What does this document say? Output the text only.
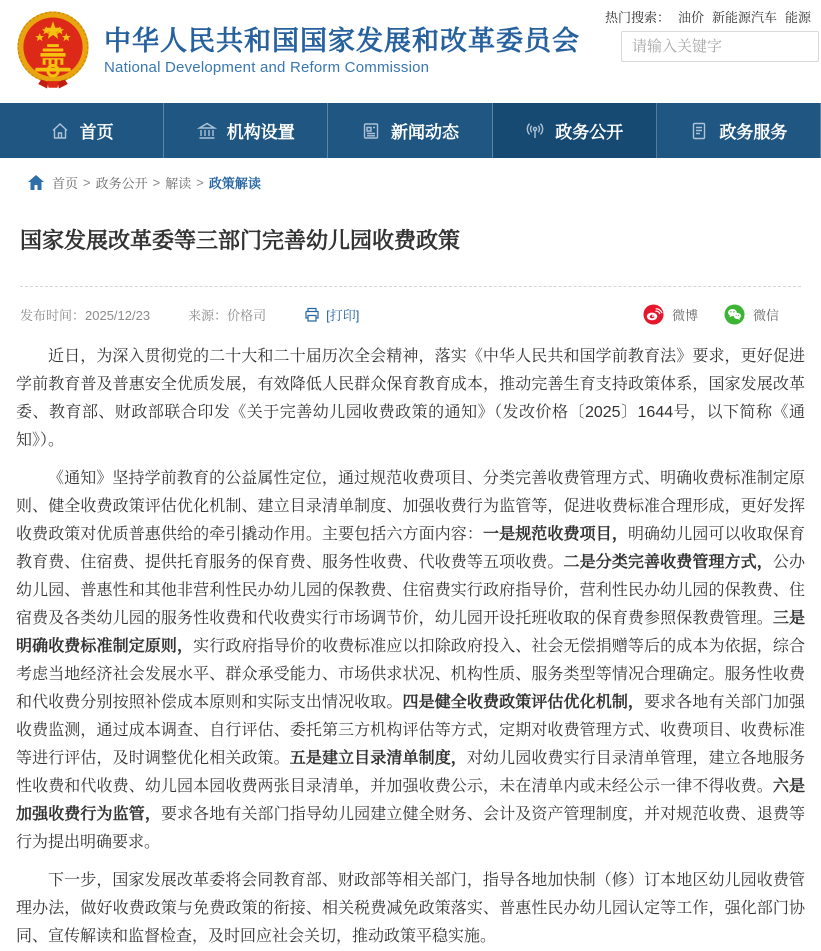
中华人民共和国国家发展和改革委员会
National Development and Reform Commission
热门搜索： 油价 新能源汽车 能源
请输入关键字
首页	机构设置	新闻动态	政务公开	政务服务
首页 > 政务公开 > 解读 > 政策解读
国家发展改革委等三部门完善幼儿园收费政策
发布时间：2025/12/23	来源：价格司	[打印]	微博	微信

近日，为深入贯彻党的二十大和二十届历次全会精神，落实《中华人民共和国学前教育法》要求，更好促进学前教育普及普惠安全优质发展，有效降低人民群众保育教育成本，推动完善生育支持政策体系，国家发展改革委、教育部、财政部联合印发《关于完善幼儿园收费政策的通知》（发改价格〔2025〕1644号，以下简称《通知》）。

《通知》坚持学前教育的公益属性定位，通过规范收费项目、分类完善收费管理方式、明确收费标准制定原则、健全收费政策评估优化机制、建立目录清单制度、加强收费行为监管等，促进收费标准合理形成，更好发挥收费政策对优质普惠供给的牵引撬动作用。主要包括六方面内容：一是规范收费项目，明确幼儿园可以收取保育教育费、住宿费、提供托育服务的保育费、服务性收费、代收费等五项收费。二是分类完善收费管理方式，公办幼儿园、普惠性和其他非营利性民办幼儿园的保教费、住宿费实行政府指导价，营利性民办幼儿园的保教费、住宿费及各类幼儿园的服务性收费和代收费实行市场调节价，幼儿园开设托班收取的保育费参照保教费管理。三是明确收费标准制定原则，实行政府指导价的收费标准应以扣除政府投入、社会无偿捐赠等后的成本为依据，综合考虑当地经济社会发展水平、群众承受能力、市场供求状况、机构性质、服务类型等情况合理确定。服务性收费和代收费分别按照补偿成本原则和实际支出情况收取。四是健全收费政策评估优化机制，要求各地有关部门加强收费监测，通过成本调查、自行评估、委托第三方机构评估等方式，定期对收费管理方式、收费项目、收费标准等进行评估，及时调整优化相关政策。五是建立目录清单制度，对幼儿园收费实行目录清单管理，建立各地服务性收费和代收费、幼儿园本园收费两张目录清单，并加强收费公示，未在清单内或未经公示一律不得收费。六是加强收费行为监管，要求各地有关部门指导幼儿园建立健全财务、会计及资产管理制度，并对规范收费、退费等行为提出明确要求。

下一步，国家发展改革委将会同教育部、财政部等相关部门，指导各地加快制（修）订本地区幼儿园收费管理办法，做好收费政策与免费政策的衔接、相关税费减免政策落实、普惠性民办幼儿园认定等工作，强化部门协同、宣传解读和监督检查，及时回应社会关切，推动政策平稳实施。
